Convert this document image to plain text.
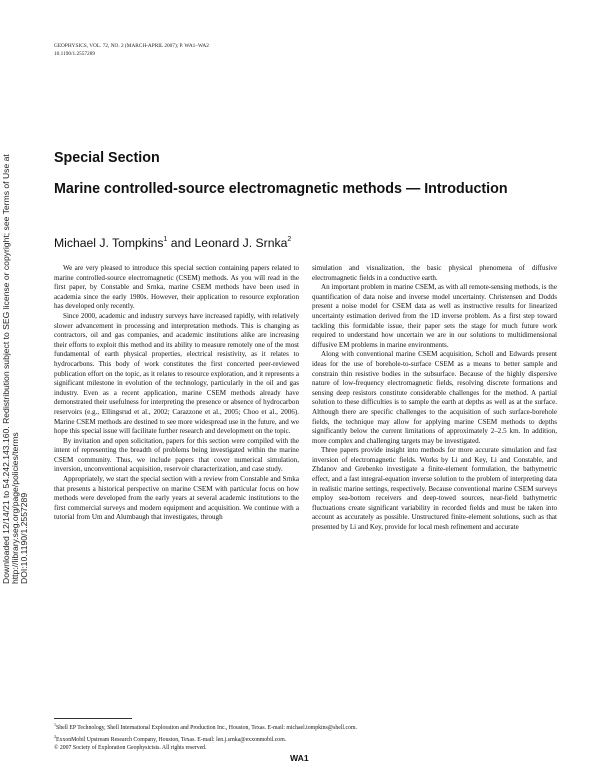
Downloaded 12/14/21 to 54.242.143.160. Redistribution subject to SEG license or copyright; see Terms of Use at http://library.seg.org/page/policies/terms DOI:10.1190/1.2557289
GEOPHYSICS, VOL. 72, NO. 2 (MARCH-APRIL 2007); P. WA1–WA2
10.1190/1.2557289
Special Section
Marine controlled-source electromagnetic methods — Introduction
Michael J. Tompkins$^1$ and Leonard J. Srnka$^2$

We are very pleased to introduce this special section containing papers related to marine controlled-source electromagnetic (CSEM) methods. As you will read in the first paper, by Constable and Srnka, marine CSEM methods have been used in academia since the early 1980s. However, their application to resource exploration has developed only recently.

Since 2000, academic and industry surveys have increased rapidly, with relatively slower advancement in processing and interpretation methods. This is changing as contractors, oil and gas companies, and academic institutions alike are increasing their efforts to exploit this method and its ability to measure remotely one of the most fundamental of earth physical properties, electrical resistivity, as it relates to hydrocarbons. This body of work constitutes the first concerted peer-reviewed publication effort on the topic, as it relates to resource exploration, and it represents a significant milestone in evolution of the technology, particularly in the oil and gas industry. Even as a recent application, marine CSEM methods already have demonstrated their usefulness for interpreting the presence or absence of hydrocarbon reservoirs (e.g., Ellingsrud et al., 2002; Carazzone et al., 2005; Choo et al., 2006). Marine CSEM methods are destined to see more widespread use in the future, and we hope this special issue will facilitate further research and development on the topic.

By invitation and open solicitation, papers for this section were compiled with the intent of representing the breadth of problems being investigated within the marine CSEM community. Thus, we include papers that cover numerical simulation, inversion, unconventional acquisition, reservoir characterization, and case study.

Appropriately, we start the special section with a review from Constable and Srnka that presents a historical perspective on marine CSEM with particular focus on how methods were developed from the early years at several academic institutions to the first commercial surveys and modern equipment and acquisition. We continue with a tutorial from Um and Alumbaugh that investigates, through

simulation and visualization, the basic physical phenomena of diffusive electromagnetic fields in a conductive earth.

An important problem in marine CSEM, as with all remote-sensing methods, is the quantification of data noise and inverse model uncertainty. Christensen and Dodds present a noise model for CSEM data as well as instructive results for linearized uncertainty estimation derived from the 1D inverse problem. As a first step toward tackling this formidable issue, their paper sets the stage for much future work required to understand how uncertain we are in our solutions to multidimensional diffusive EM problems in marine environments.

Along with conventional marine CSEM acquisition, Scholl and Edwards present ideas for the use of borehole-to-surface CSEM as a means to better sample and constrain thin resistive bodies in the subsurface. Because of the highly dispersive nature of low-frequency electromagnetic fields, resolving discrete formations and sensing deep resistors constitute considerable challenges for the method. A partial solution to these difficulties is to sample the earth at depths as well as at the surface. Although there are specific challenges to the acquisition of such surface-borehole fields, the technique may allow for applying marine CSEM methods to depths significantly below the current limitations of approximately 2–2.5 km. In addition, more complex and challenging targets may be investigated.

Three papers provide insight into methods for more accurate simulation and fast inversion of electromagnetic fields. Works by Li and Key, Li and Constable, and Zhdanov and Grebenko investigate a finite-element formulation, the bathymetric effect, and a fast integral-equation inverse solution to the problem of interpreting data in realistic marine settings, respectively. Because conventional marine CSEM surveys employ sea-bottom receivers and deep-towed sources, near-field bathymetric fluctuations create significant variability in recorded fields and must be taken into account as accurately as possible. Unstructured finite-element solutions, such as that presented by Li and Key, provide for local mesh refinement and accurate

$^1$Shell EP Technology, Shell International Exploration and Production Inc., Houston, Texas. E-mail: michael.tompkins@shell.com.
$^2$ExxonMobil Upstream Research Company, Houston, Texas. E-mail: len.j.srnka@exxonmobil.com.
© 2007 Society of Exploration Geophysicists. All rights reserved.
WA1
